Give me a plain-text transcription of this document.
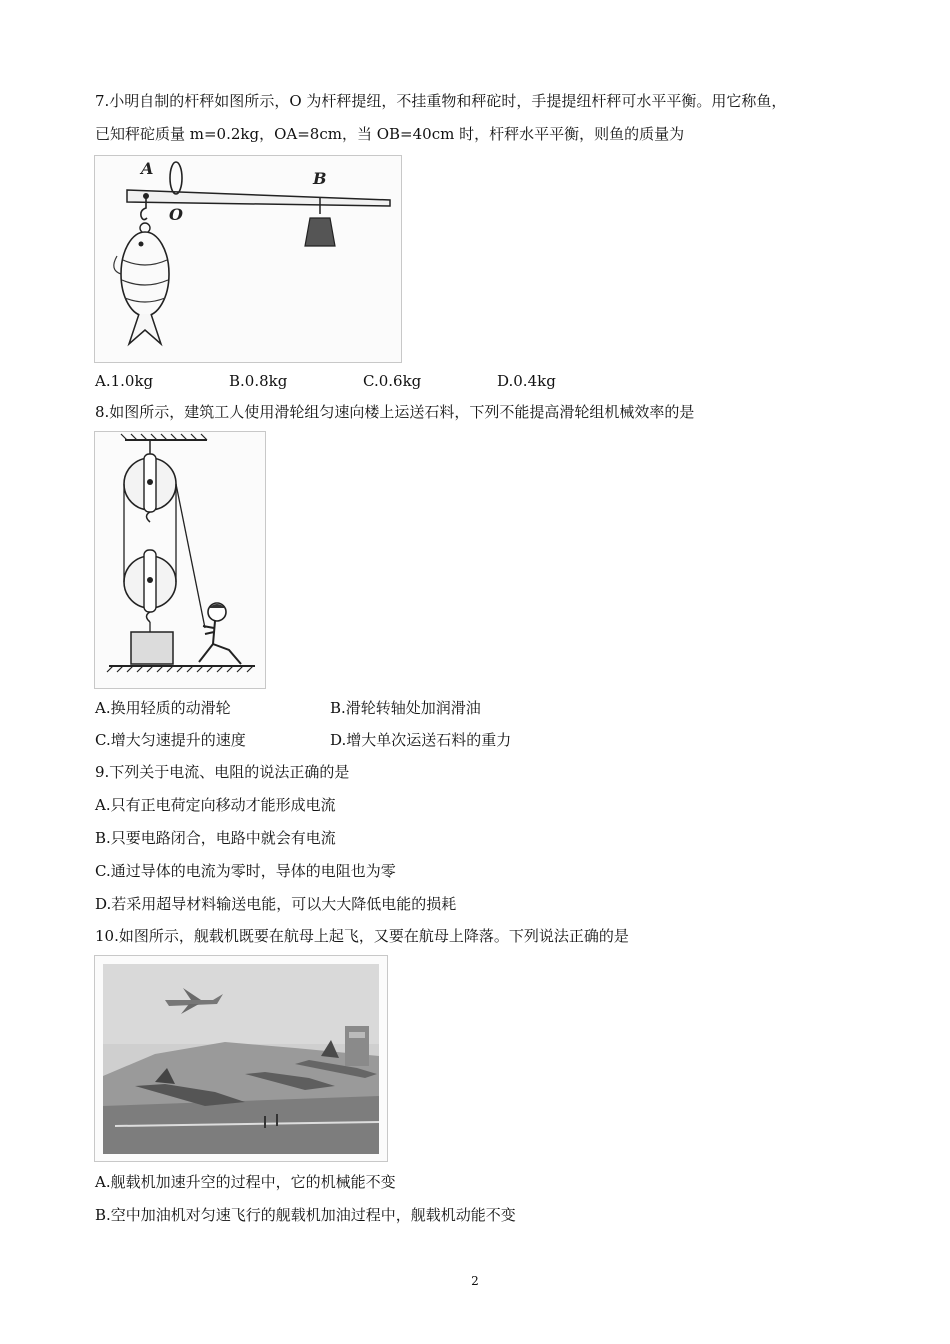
7.小明自制的杆秤如图所示，O 为杆秤提纽，不挂重物和秤砣时，手提提纽杆秤可水平平衡。用它称鱼，
已知秤砣质量 m=0.2kg，OA=8cm，当 OB=40cm 时，杆秤水平平衡，则鱼的质量为
A
O
B
A.1.0kg	B.0.8kg	C.0.6kg	D.0.4kg
8.如图所示，建筑工人使用滑轮组匀速向楼上运送石料，下列不能提高滑轮组机械效率的是
A.换用轻质的动滑轮	B.滑轮转轴处加润滑油
C.增大匀速提升的速度	D.增大单次运送石料的重力
9.下列关于电流、电阻的说法正确的是
A.只有正电荷定向移动才能形成电流
B.只要电路闭合，电路中就会有电流
C.通过导体的电流为零时，导体的电阻也为零
D.若采用超导材料输送电能，可以大大降低电能的损耗
10.如图所示，舰载机既要在航母上起飞，又要在航母上降落。下列说法正确的是
A.舰载机加速升空的过程中，它的机械能不变
B.空中加油机对匀速飞行的舰载机加油过程中，舰载机动能不变
2
